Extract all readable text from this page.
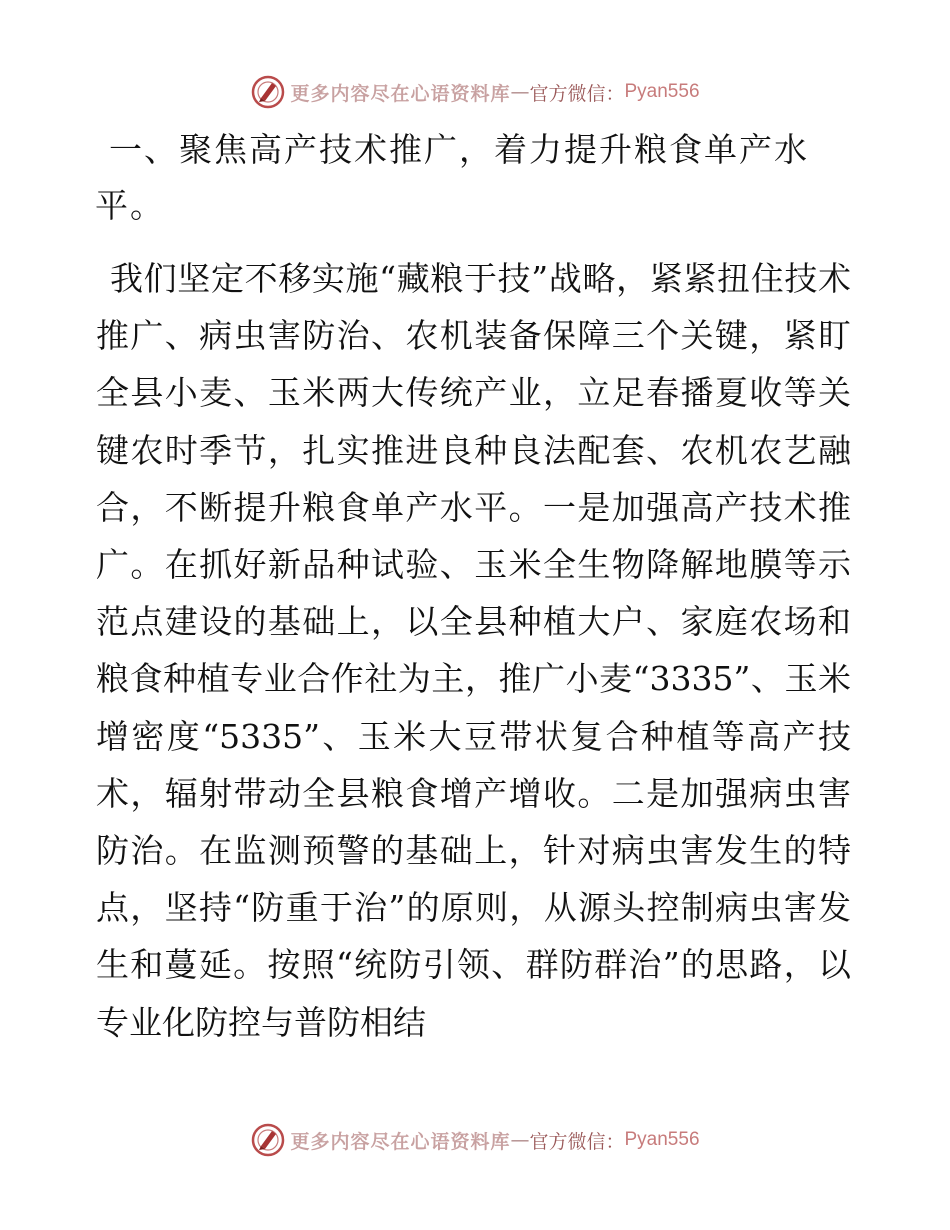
更多内容尽在心语资料库 — 官方微信： Pyan556
一、聚焦高产技术推广，着力提升粮食单产水平。

我们坚定不移实施“藏粮于技”战略，紧紧扭住技术推广、病虫害防治、农机装备保障三个关键，紧盯全县小麦、玉米两大传统产业，立足春播夏收等关键农时季节，扎实推进良种良法配套、农机农艺融合，不断提升粮食单产水平。一是加强高产技术推广。在抓好新品种试验、玉米全生物降解地膜等示范点建设的基础上，以全县种植大户、家庭农场和粮食种植专业合作社为主，推广小麦“3335”、玉米增密度“5335”、玉米大豆带状复合种植等高产技术，辐射带动全县粮食增产增收。二是加强病虫害防治。在监测预警的基础上，针对病虫害发生的特点，坚持“防重于治”的原则，从源头控制病虫害发生和蔓延。按照“统防引领、群防群治”的思路，以专业化防控与普防相结

更多内容尽在心语资料库 — 官方微信： Pyan556
